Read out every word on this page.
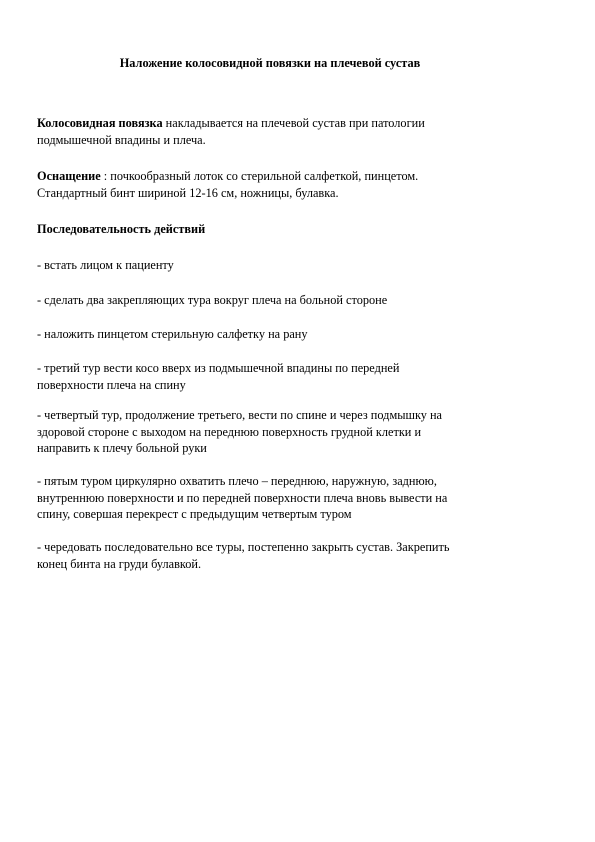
Наложение колосовидной повязки на плечевой сустав
Колосовидная повязка накладывается на плечевой сустав при патологии
подмышечной впадины и плеча.
Оснащение : почкообразный лоток со стерильной салфеткой, пинцетом.
Стандартный бинт шириной 12-16 см, ножницы, булавка.
Последовательность действий
- встать лицом к пациенту
- сделать два закрепляющих тура вокруг плеча на больной стороне
- наложить пинцетом стерильную салфетку на рану
- третий тур вести косо вверх из подмышечной впадины по передней
поверхности плеча на спину
- четвертый тур, продолжение третьего, вести по спине и через подмышку на
здоровой стороне с выходом на переднюю поверхность грудной клетки и
направить к плечу больной руки
- пятым туром циркулярно охватить плечо – переднюю, наружную, заднюю,
внутреннюю поверхности и по передней поверхности плеча вновь вывести на
спину, совершая перекрест с предыдущим четвертым туром
- чередовать последовательно все туры, постепенно закрыть сустав. Закрепить
конец бинта на груди булавкой.
